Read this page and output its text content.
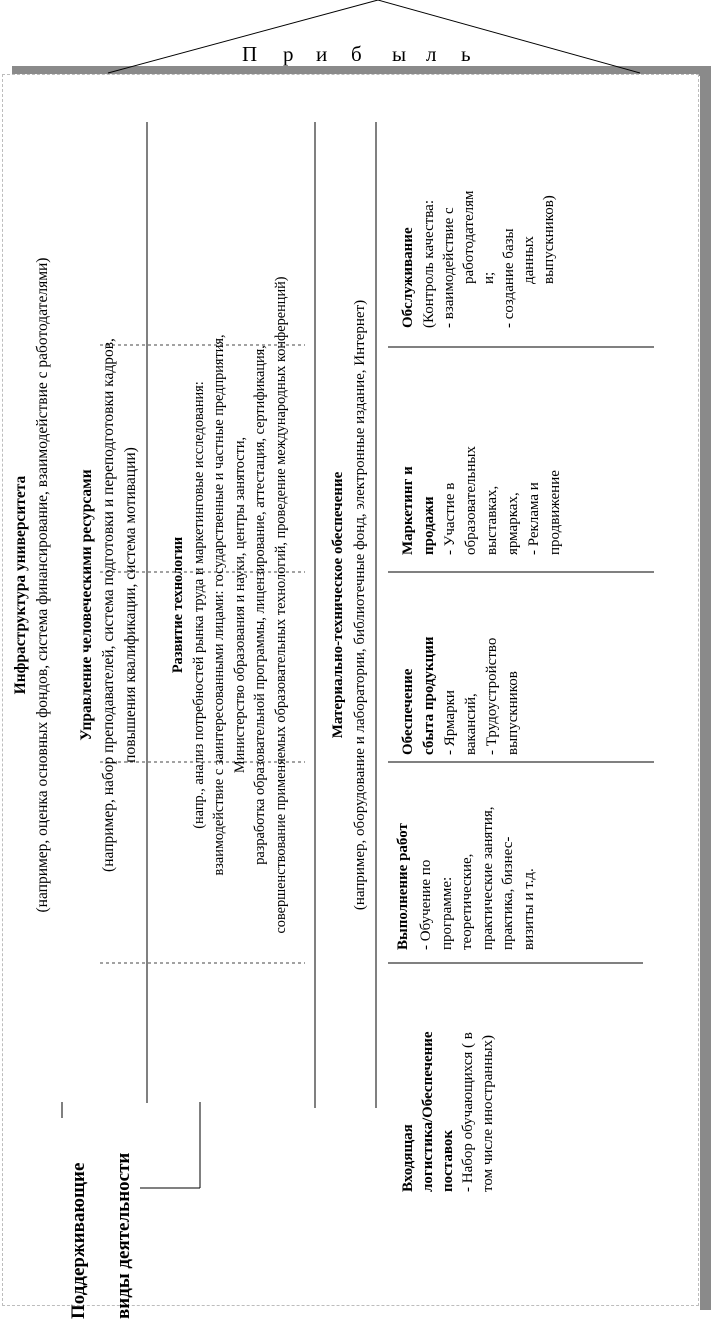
П р и б ы л ь
Поддерживающие виды деятельности
Инфраструктура университета (например, оценка основных фондов, система финансирование, взаимодействие с работодателями) Управление человеческими ресурсами (например, набор преподавателей, система подготовки и переподготовки кадров, повышения квалификации, система мотивации) Развитие технологии (напр., анализ потребностей рынка труда и маркетинговые исследования: взаимодействие с заинтересованными лицами: государственные и частные предприятия, Министерство образования и науки, центры занятости, разработка образовательной программы, лицензирование, аттестация, сертификация, совершенствование применяемых образовательных технологий, проведение международных конференций)	Материально-техническое обеспечение (например, оборудование и лаборатории, библиотечные фонд, электронные издание, Интернет)
Входящая логистика/Обеспечение поставок - Набор обучающихся ( в том числе иностранных)
Выполнение работ - Обучение по программе: теоретические, практические занятия, практика, бизнес- визиты и т.д.
Обеспечение сбыта продукции - Ярмарки вакансий, - Трудоустройство выпускников
Маркетинг и продажи - Участие в образовательных выставках, ярмарках, - Реклама и продвижение
Обслуживание (Контроль качества: - взаимодействие с работодателям и; - создание базы данных выпускников)
